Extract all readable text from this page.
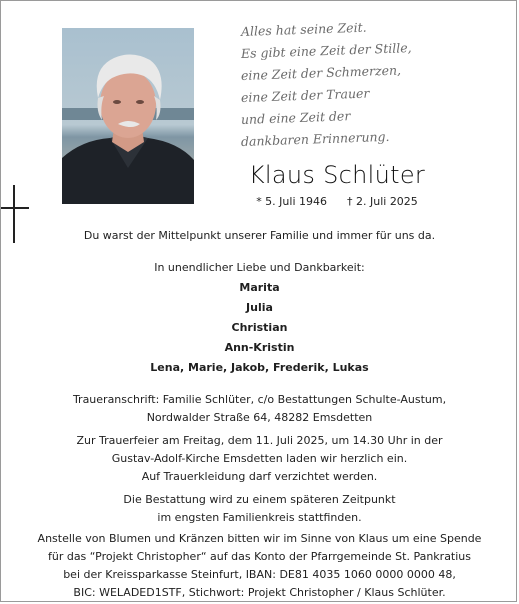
Alles hat seine Zeit.
Es gibt eine Zeit der Stille,
eine Zeit der Schmerzen,
eine Zeit der Trauer
und eine Zeit der
dankbaren Erinnerung.
Klaus Schlüter
* 5. Juli 1946 † 2. Juli 2025
Du warst der Mittelpunkt unserer Familie und immer für uns da.
In unendlicher Liebe und Dankbarkeit:
Marita
Julia
Christian
Ann-Kristin
Lena, Marie, Jakob, Frederik, Lukas
Traueranschrift: Familie Schlüter, c/o Bestattungen Schulte-Austum,
Nordwalder Straße 64, 48282 Emsdetten
Zur Trauerfeier am Freitag, dem 11. Juli 2025, um 14.30 Uhr in der
Gustav-Adolf-Kirche Emsdetten laden wir herzlich ein.
Auf Trauerkleidung darf verzichtet werden.
Die Bestattung wird zu einem späteren Zeitpunkt
im engsten Familienkreis stattfinden.
Anstelle von Blumen und Kränzen bitten wir im Sinne von Klaus um eine Spende
für das “Projekt Christopher“ auf das Konto der Pfarrgemeinde St. Pankratius
bei der Kreissparkasse Steinfurt, IBAN: DE81 4035 1060 0000 0000 48,
BIC: WELADED1STF, Stichwort: Projekt Christopher / Klaus Schlüter.
